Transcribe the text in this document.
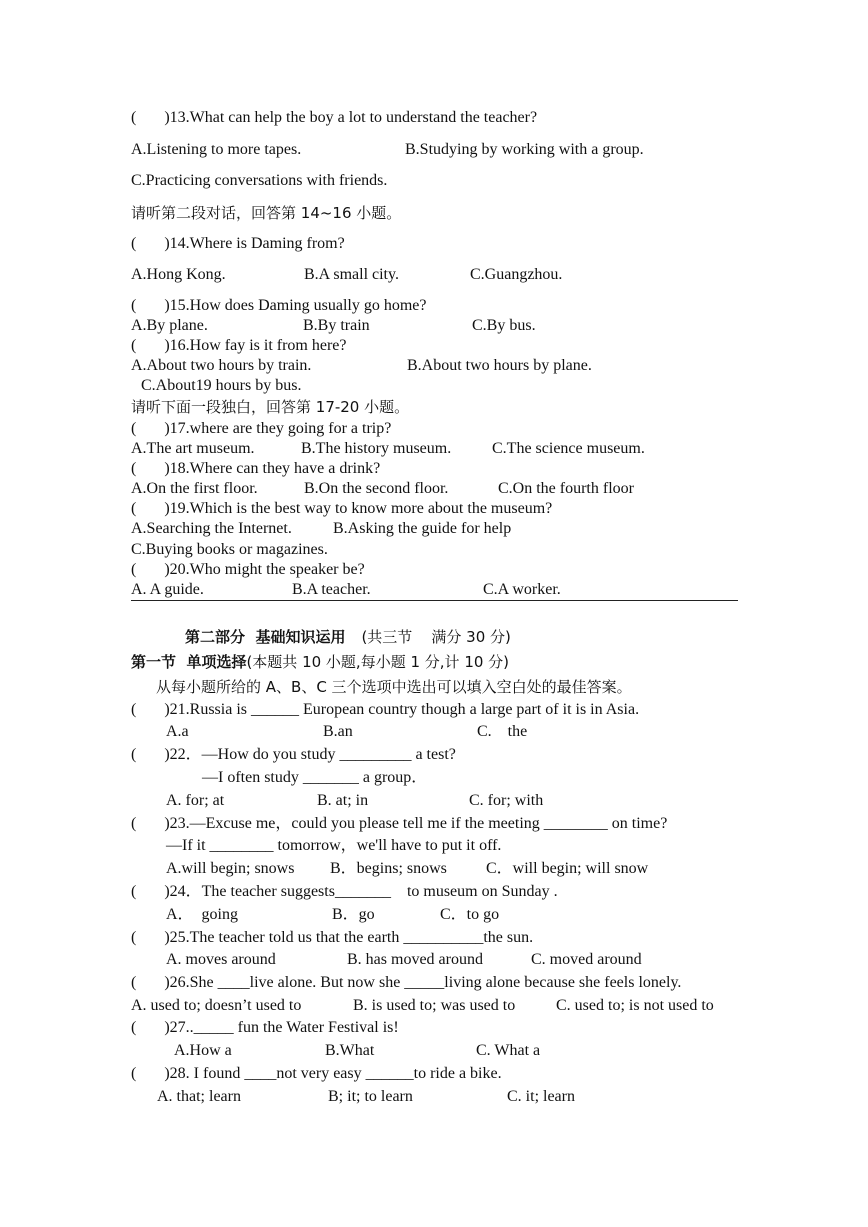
(       )13.What can help the boy a lot to understand the teacher?
A.Listening to more tapes.	B.Studying by working with a group.
C.Practicing conversations with friends.
请听第二段对话，回答第 14~16 小题。
(       )14.Where is Daming from?
A.Hong Kong.	B.A small city.	C.Guangzhou.
(       )15.How does Daming usually go home?
A.By plane.	B.By train	C.By bus.
(       )16.How fay is it from here?
A.About two hours by train.	B.About two hours by plane.
C.About19 hours by bus.
请听下面一段独白，回答第 17-20 小题。
(       )17.where are they going for a trip?
A.The art museum.	B.The history museum.	C.The science museum.
(       )18.Where can they have a drink?
A.On the first floor.	B.On the second floor.	C.On the fourth floor
(       )19.Which is the best way to know more about the museum?
A.Searching the Internet.	B.Asking the guide for help
C.Buying books or magazines.
(       )20.Who might the speaker be?
A. A guide.	B.A teacher.	C.A worker.
第二部分  基础知识运用 (共三节    满分 30 分)
第一节  单项选择(本题共 10 小题,每小题 1 分,计 10 分)
从每小题所给的 A、B、C 三个选项中选出可以填入空白处的最佳答案。
(       )21.Russia is ______ European country though a large part of it is in Asia.
A.a	B.an	C.    the
(       )22．—How do you study _________ a test?
—I often study _______ a group．
A. for; at	B. at; in	C. for; with
(       )23.—Excuse me，could you please tell me if the meeting ________ on time?
—If it ________ tomorrow，we'll have to put it off.
A.will begin; snows B．begins; snows C．will begin; will snow
(       )24．The teacher suggests_______    to museum on Sunday .
A．  going	B．go	C．to go
(       )25.The teacher told us that the earth __________the sun.
A. moves around	B. has moved around	C. moved around
(       )26.She ____live alone. But now she _____living alone because she feels lonely.
A. used to; doesn’t used to	B. is used to; was used to	C. used to; is not used to
(       )27.._____ fun the Water Festival is!
A.How a	B.What	C. What a
(       )28. I found ____not very easy ______to ride a bike.
A. that; learn	B; it; to learn	C. it; learn
